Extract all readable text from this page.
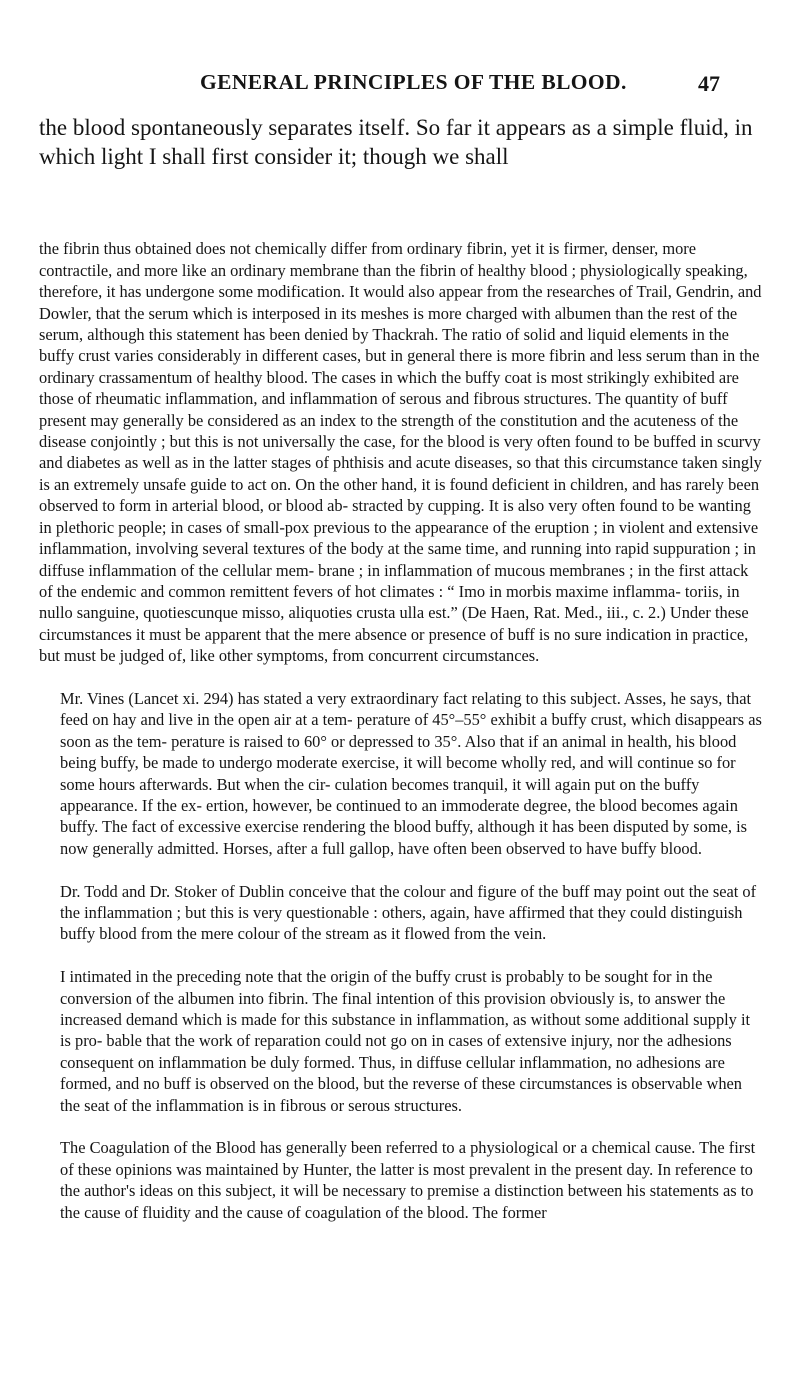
GENERAL PRINCIPLES OF THE BLOOD.	47

the blood spontaneously separates itself. So far it appears as a simple fluid, in which light I shall first consider it; though we shall

the fibrin thus obtained does not chemically differ from ordinary fibrin, yet it is firmer, denser, more contractile, and more like an ordinary membrane than the fibrin of healthy blood ; physiologically speaking, therefore, it has undergone some modification. It would also appear from the researches of Trail, Gendrin, and Dowler, that the serum which is interposed in its meshes is more charged with albumen than the rest of the serum, although this statement has been denied by Thackrah. The ratio of solid and liquid elements in the buffy crust varies considerably in different cases, but in general there is more fibrin and less serum than in the ordinary crassamentum of healthy blood. The cases in which the buffy coat is most strikingly exhibited are those of rheumatic inflammation, and inflammation of serous and fibrous structures. The quantity of buff present may generally be considered as an index to the strength of the constitution and the acuteness of the disease conjointly ; but this is not universally the case, for the blood is very often found to be buffed in scurvy and diabetes as well as in the latter stages of phthisis and acute diseases, so that this circumstance taken singly is an extremely unsafe guide to act on. On the other hand, it is found deficient in children, and has rarely been observed to form in arterial blood, or blood ab- stracted by cupping. It is also very often found to be wanting in plethoric people; in cases of small-pox previous to the appearance of the eruption ; in violent and extensive inflammation, involving several textures of the body at the same time, and running into rapid suppuration ; in diffuse inflammation of the cellular mem- brane ; in inflammation of mucous membranes ; in the first attack of the endemic and common remittent fevers of hot climates : “ Imo in morbis maxime inflamma- toriis, in nullo sanguine, quotiescunque misso, aliquoties crusta ulla est.” (De Haen, Rat. Med., iii., c. 2.) Under these circumstances it must be apparent that the mere absence or presence of buff is no sure indication in practice, but must be judged of, like other symptoms, from concurrent circumstances.

Mr. Vines (Lancet xi. 294) has stated a very extraordinary fact relating to this subject. Asses, he says, that feed on hay and live in the open air at a tem- perature of 45°–55° exhibit a buffy crust, which disappears as soon as the tem- perature is raised to 60° or depressed to 35°. Also that if an animal in health, his blood being buffy, be made to undergo moderate exercise, it will become wholly red, and will continue so for some hours afterwards. But when the cir- culation becomes tranquil, it will again put on the buffy appearance. If the ex- ertion, however, be continued to an immoderate degree, the blood becomes again buffy. The fact of excessive exercise rendering the blood buffy, although it has been disputed by some, is now generally admitted. Horses, after a full gallop, have often been observed to have buffy blood.

Dr. Todd and Dr. Stoker of Dublin conceive that the colour and figure of the buff may point out the seat of the inflammation ; but this is very questionable : others, again, have affirmed that they could distinguish buffy blood from the mere colour of the stream as it flowed from the vein.

I intimated in the preceding note that the origin of the buffy crust is probably to be sought for in the conversion of the albumen into fibrin. The final intention of this provision obviously is, to answer the increased demand which is made for this substance in inflammation, as without some additional supply it is pro- bable that the work of reparation could not go on in cases of extensive injury, nor the adhesions consequent on inflammation be duly formed. Thus, in diffuse cellular inflammation, no adhesions are formed, and no buff is observed on the blood, but the reverse of these circumstances is observable when the seat of the inflammation is in fibrous or serous structures.

The Coagulation of the Blood has generally been referred to a physiological or a chemical cause. The first of these opinions was maintained by Hunter, the latter is most prevalent in the present day. In reference to the author's ideas on this subject, it will be necessary to premise a distinction between his statements as to the cause of fluidity and the cause of coagulation of the blood. The former
